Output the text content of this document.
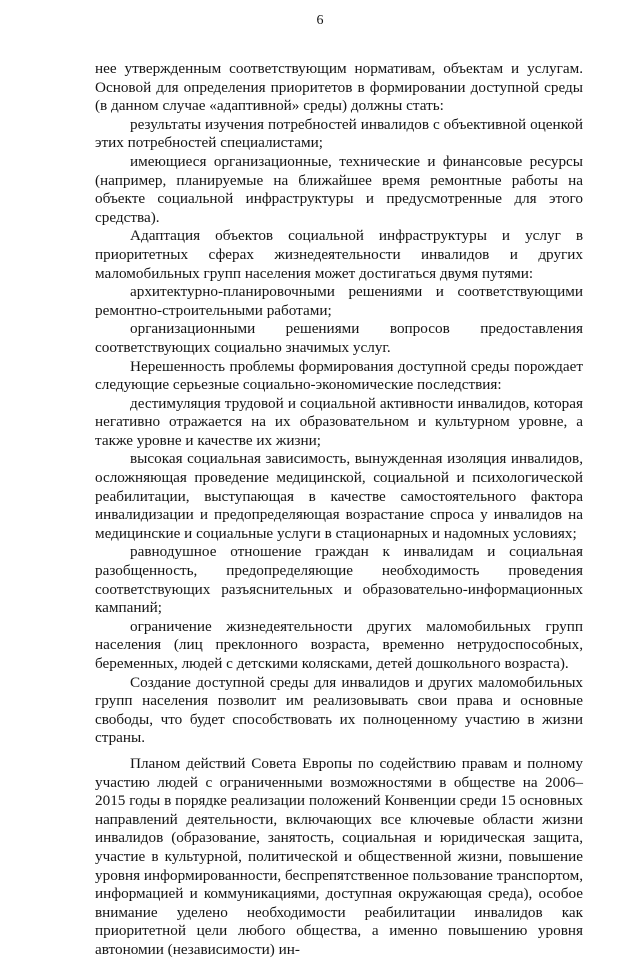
6

нее утвержденным соответствующим нормативам, объектам и услугам. Основой для определения приоритетов в формировании доступной среды (в данном случае «адаптивной» среды) должны стать:

результаты изучения потребностей инвалидов с объективной оценкой этих потребностей специалистами;

имеющиеся организационные, технические и финансовые ресурсы (например, планируемые на ближайшее время ремонтные работы на объекте социальной инфраструктуры и предусмотренные для этого средства).

Адаптация объектов социальной инфраструктуры и услуг в приоритетных сферах жизнедеятельности инвалидов и других маломобильных групп населения может достигаться двумя путями:

архитектурно-планировочными решениями и соответствующими ремонтно-строительными работами;

организационными решениями вопросов предоставления соответствующих социально значимых услуг.

Нерешенность проблемы формирования доступной среды порождает следующие серьезные социально-экономические последствия:

дестимуляция трудовой и социальной активности инвалидов, которая негативно отражается на их образовательном и культурном уровне, а также уровне и качестве их жизни;

высокая социальная зависимость, вынужденная изоляция инвалидов, осложняющая проведение медицинской, социальной и психологической реабилитации, выступающая в качестве самостоятельного фактора инвалидизации и предопределяющая возрастание спроса у инвалидов на медицинские и социальные услуги в стационарных и надомных условиях;

равнодушное отношение граждан к инвалидам и социальная разобщенность, предопределяющие необходимость проведения соответствующих разъяснительных и образовательно-информационных кампаний;

ограничение жизнедеятельности других маломобильных групп населения (лиц преклонного возраста, временно нетрудоспособных, беременных, людей с детскими колясками, детей дошкольного возраста).

Создание доступной среды для инвалидов и других маломобильных групп населения позволит им реализовывать свои права и основные свободы, что будет способствовать их полноценному участию в жизни страны.

Планом действий Совета Европы по содействию правам и полному участию людей с ограниченными возможностями в обществе на 2006–2015 годы в порядке реализации положений Конвенции среди 15 основных направлений деятельности, включающих все ключевые области жизни инвалидов (образование, занятость, социальная и юридическая защита, участие в культурной, политической и общественной жизни, повышение уровня информированности, беспрепятственное пользование транспортом, информацией и коммуникациями, доступная окружающая среда), особое внимание уделено необходимости реабилитации инвалидов как приоритетной цели любого общества, а именно повышению уровня автономии (независимости) ин-
